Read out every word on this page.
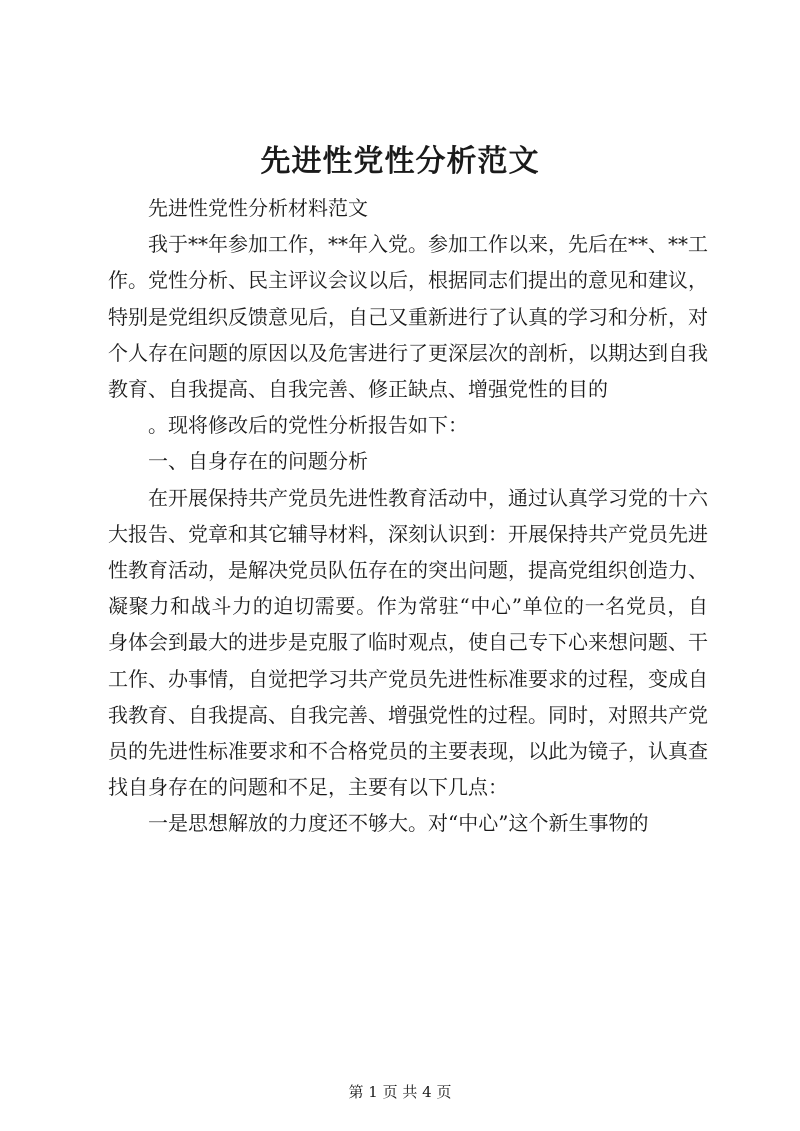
先进性党性分析范文

先进性党性分析材料范文

我于**年参加工作，**年入党。参加工作以来，先后在**、**工作。党性分析、民主评议会议以后，根据同志们提出的意见和建议，特别是党组织反馈意见后，自己又重新进行了认真的学习和分析，对个人存在问题的原因以及危害进行了更深层次的剖析，以期达到自我教育、自我提高、自我完善、修正缺点、增强党性的目的

。现将修改后的党性分析报告如下：

一、自身存在的问题分析

在开展保持共产党员先进性教育活动中，通过认真学习党的十六大报告、党章和其它辅导材料，深刻认识到：开展保持共产党员先进性教育活动，是解决党员队伍存在的突出问题，提高党组织创造力、凝聚力和战斗力的迫切需要。作为常驻“中心”单位的一名党员，自身体会到最大的进步是克服了临时观点，使自己专下心来想问题、干工作、办事情，自觉把学习共产党员先进性标准要求的过程，变成自我教育、自我提高、自我完善、增强党性的过程。同时，对照共产党员的先进性标准要求和不合格党员的主要表现，以此为镜子，认真查找自身存在的问题和不足，主要有以下几点：

一是思想解放的力度还不够大。对“中心”这个新生事物的

第 1 页 共 4 页
